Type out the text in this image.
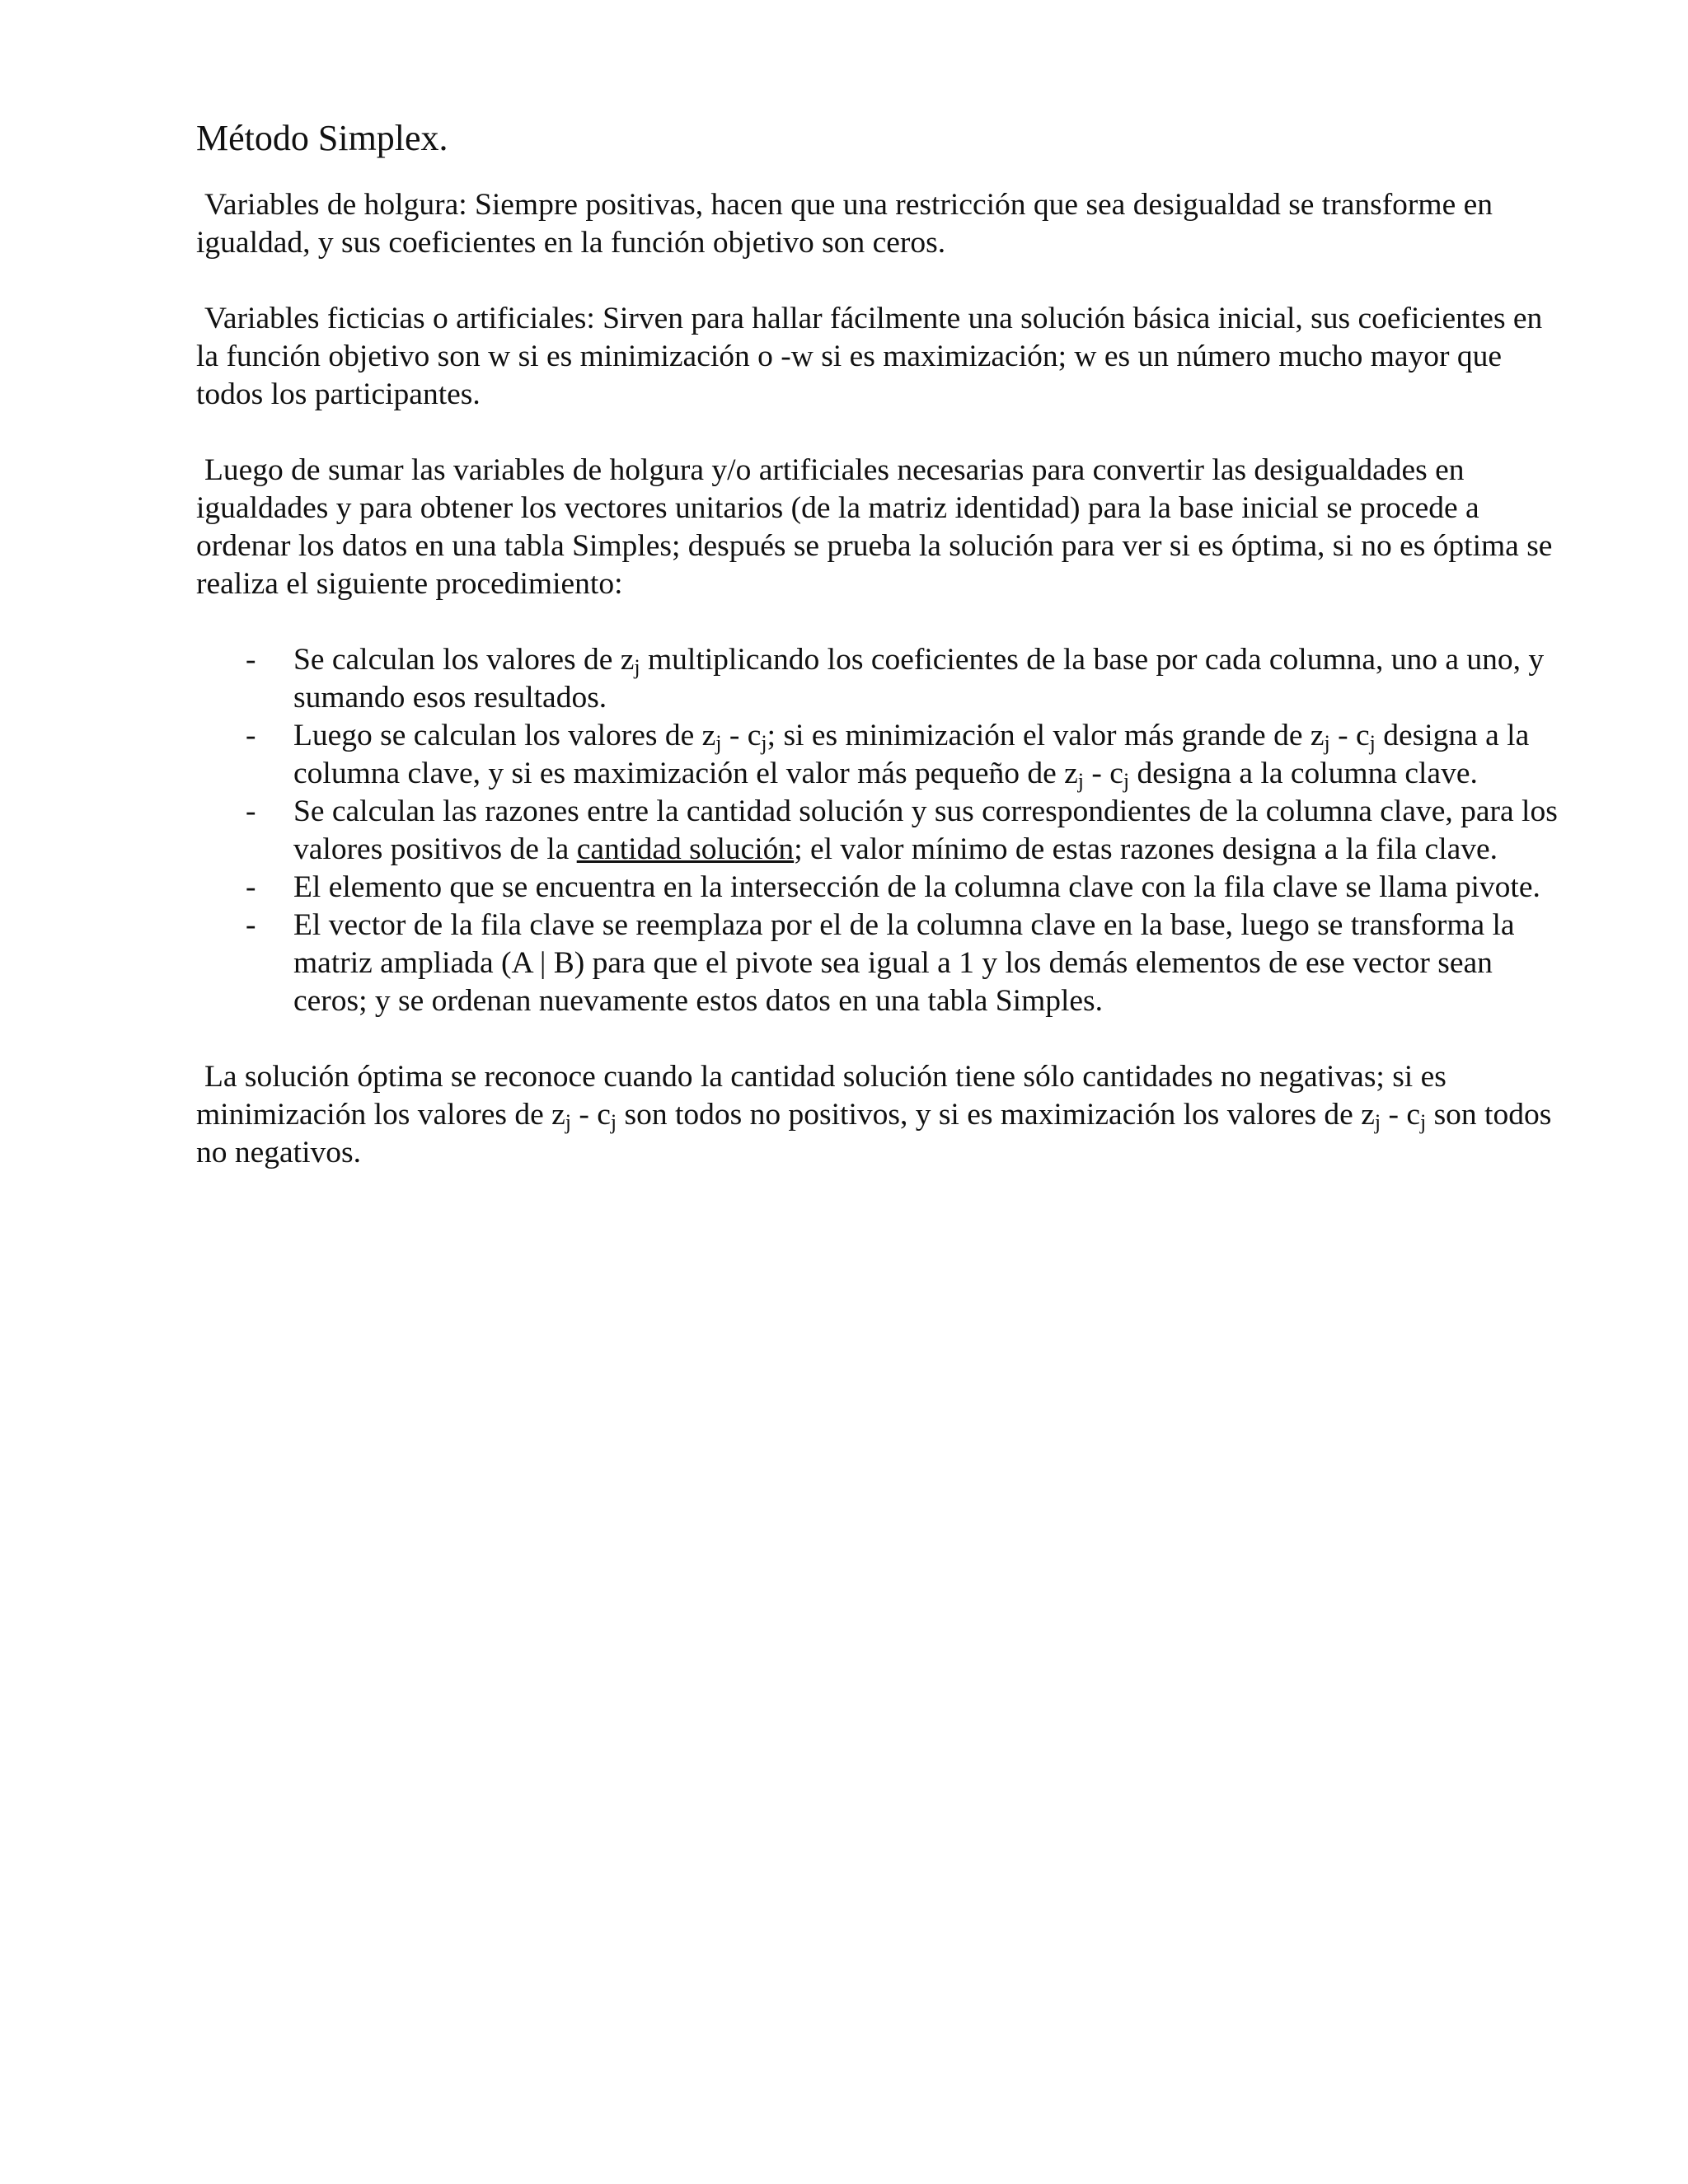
Método Simplex.

Variables de holgura: Siempre positivas, hacen que una restricción que sea desigualdad se transforme en igualdad, y sus coeficientes en la función objetivo son ceros.

Variables ficticias o artificiales: Sirven para hallar fácilmente una solución básica inicial, sus coeficientes en la función objetivo son w si es minimización o -w si es maximización; w es un número mucho mayor que todos los participantes.

Luego de sumar las variables de holgura y/o artificiales necesarias para convertir las desigualdades en igualdades y para obtener los vectores unitarios (de la matriz identidad) para la base inicial se procede a ordenar los datos en una tabla Simples; después se prueba la solución para ver si es óptima, si no es óptima se realiza el siguiente procedimiento:

- Se calculan los valores de $z_j$ multiplicando los coeficientes de la base por cada columna, uno a uno, y sumando esos resultados.
- Luego se calculan los valores de $z_j - c_j$; si es minimización el valor más grande de $z_j - c_j$ designa a la columna clave, y si es maximización el valor más pequeño de $z_j - c_j$ designa a la columna clave.
- Se calculan las razones entre la cantidad solución y sus correspondientes de la columna clave, para los valores positivos de la cantidad solución; el valor mínimo de estas razones designa a la fila clave.
- El elemento que se encuentra en la intersección de la columna clave con la fila clave se llama pivote.
- El vector de la fila clave se reemplaza por el de la columna clave en la base, luego se transforma la matriz ampliada (A | B) para que el pivote sea igual a 1 y los demás elementos de ese vector sean ceros; y se ordenan nuevamente estos datos en una tabla Simples.

La solución óptima se reconoce cuando la cantidad solución tiene sólo cantidades no negativas; si es minimización los valores de $z_j - c_j$ son todos no positivos, y si es maximización los valores de $z_j - c_j$ son todos no negativos.
